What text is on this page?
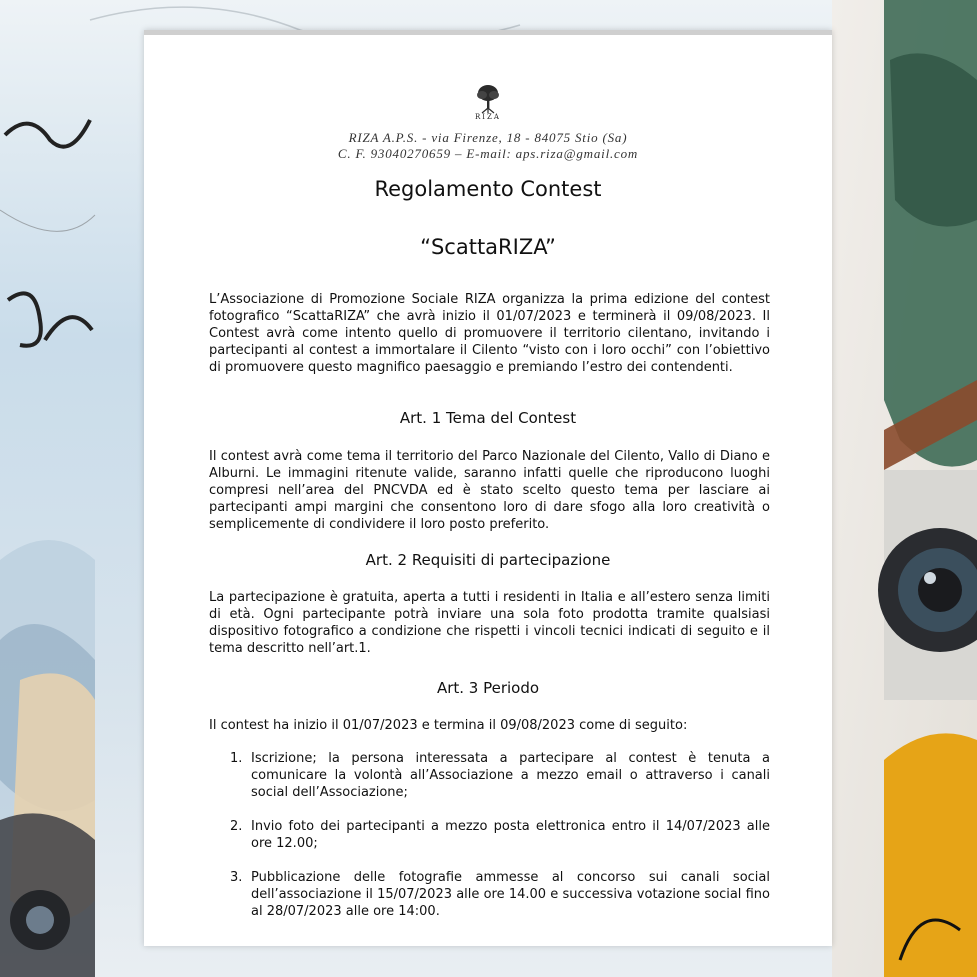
RIZA
RIZA A.P.S. - via Firenze, 18 - 84075 Stio (Sa)
C. F. 93040270659 – E-mail: aps.riza@gmail.com
Regolamento Contest
“ScattaRIZA”

L’Associazione di Promozione Sociale RIZA organizza la prima edizione del contest fotografico “ScattaRIZA” che avrà inizio il 01/07/2023 e terminerà il 09/08/2023. Il Contest avrà come intento quello di promuovere il territorio cilentano, invitando i partecipanti al contest a immortalare il Cilento “visto con i loro occhi” con l’obiettivo di promuovere questo magnifico paesaggio e premiando l’estro dei contendenti.

Art. 1 Tema del Contest

Il contest avrà come tema il territorio del Parco Nazionale del Cilento, Vallo di Diano e Alburni. Le immagini ritenute valide, saranno infatti quelle che riproducono luoghi compresi nell’area del PNCVDA ed è stato scelto questo tema per lasciare ai partecipanti ampi margini che consentono loro di dare sfogo alla loro creatività o semplicemente di condividere il loro posto preferito.

Art. 2 Requisiti di partecipazione

La partecipazione è gratuita, aperta a tutti i residenti in Italia e all’estero senza limiti di età. Ogni partecipante potrà inviare una sola foto prodotta tramite qualsiasi dispositivo fotografico a condizione che rispetti i vincoli tecnici indicati di seguito e il tema descritto nell’art.1.

Art. 3 Periodo

Il contest ha inizio il 01/07/2023 e termina il 09/08/2023 come di seguito:

1. Iscrizione; la persona interessata a partecipare al contest è tenuta a comunicare la volontà all’Associazione a mezzo email o attraverso i canali social dell’Associazione;
2. Invio foto dei partecipanti a mezzo posta elettronica entro il 14/07/2023 alle ore 12.00;
3. Pubblicazione delle fotografie ammesse al concorso sui canali social dell’associazione il 15/07/2023 alle ore 14.00 e successiva votazione social fino al 28/07/2023 alle ore 14:00.
